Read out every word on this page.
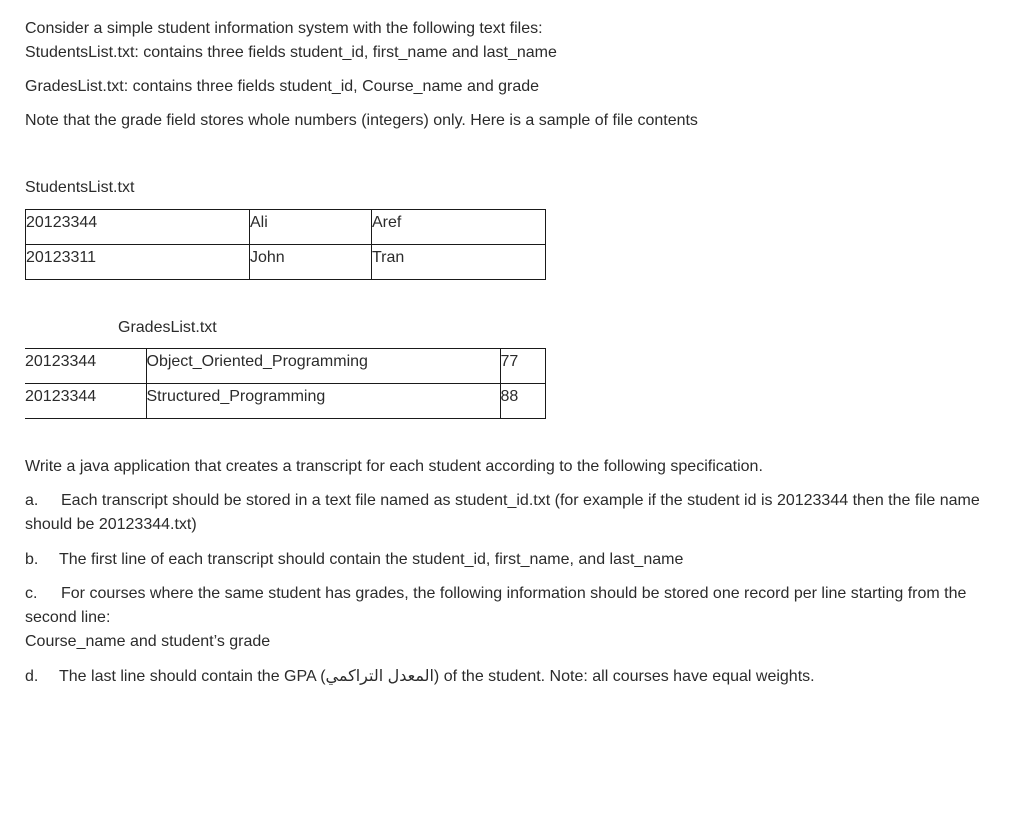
Consider a simple student information system with the following text files:
StudentsList.txt: contains three fields student_id, first_name and last_name
GradesList.txt: contains three fields student_id, Course_name and grade
Note that the grade field stores whole numbers (integers) only. Here is a sample of file contents
StudentsList.txt
20123344	Ali	Aref
20123311	John	Tran
GradesList.txt
20123344	Object_Oriented_Programming	77
20123344	Structured_Programming	88
Write a java application that creates a transcript for each student according to the following specification.
a. Each transcript should be stored in a text file named as student_id.txt (for example if the student id is 20123344 then the file name should be 20123344.txt)
b. The first line of each transcript should contain the student_id, first_name, and last_name
c. For courses where the same student has grades, the following information should be stored one record per line starting from the second line:
Course_name and student’s grade
d. The last line should contain the GPA (المعدل التراكمي) of the student. Note: all courses have equal weights.
